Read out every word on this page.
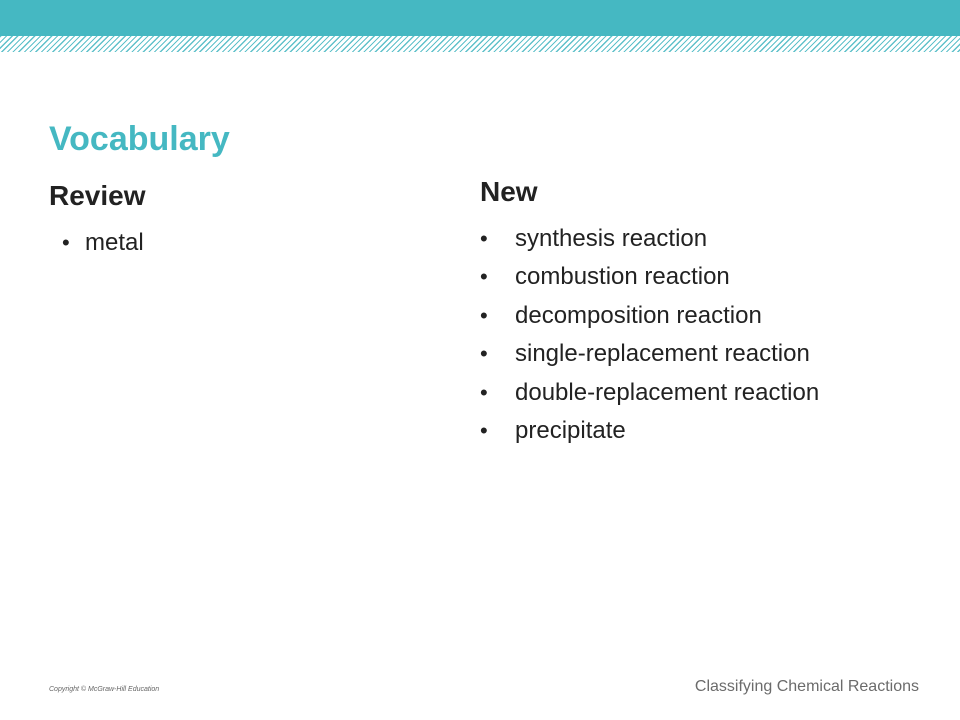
Vocabulary
Review
• metal
New
• synthesis reaction
• combustion reaction
• decomposition reaction
• single-replacement reaction
• double-replacement reaction
• precipitate
Copyright © McGraw-Hill Education	Classifying Chemical Reactions
